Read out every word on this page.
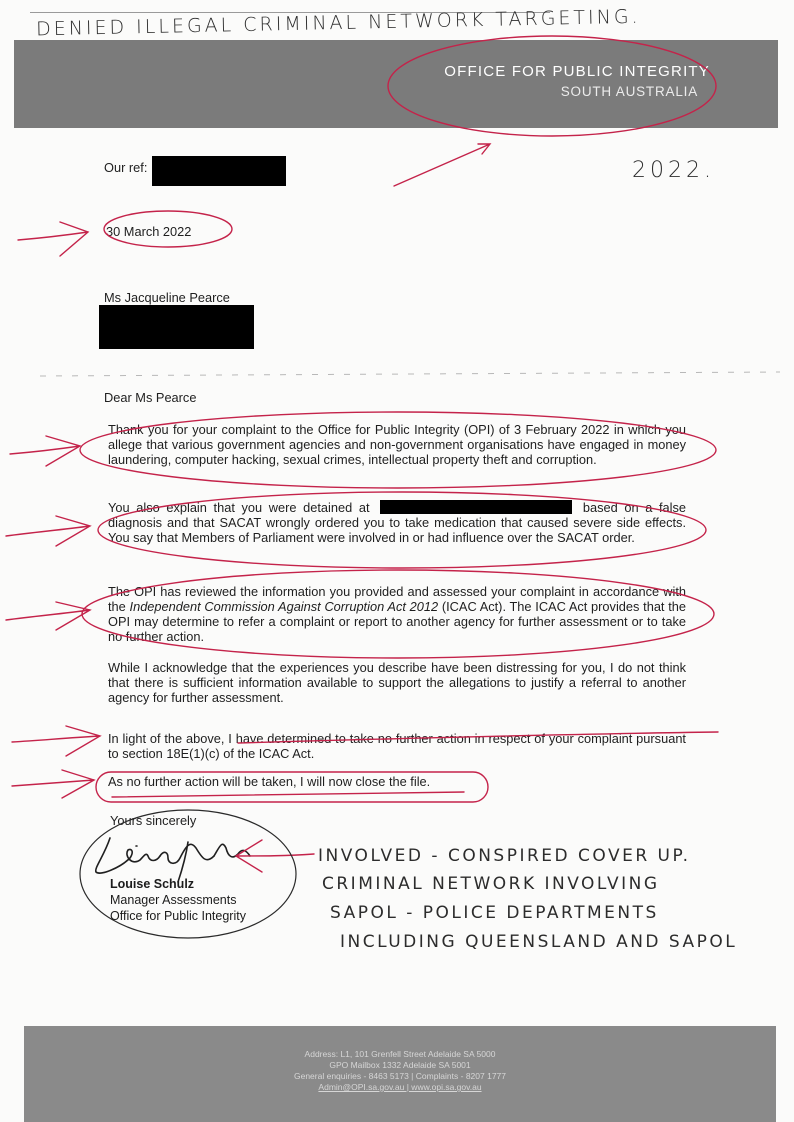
DENIED ILLEGAL CRIMINAL NETWORK TARGETING.
OFFICE FOR PUBLIC INTEGRITY
SOUTH AUSTRALIA
2022.
Our ref:
30 March 2022
Ms Jacqueline Pearce
Dear Ms Pearce
Thank you for your complaint to the Office for Public Integrity (OPI) of 3 February 2022 in which you allege that various government agencies and non-government organisations have engaged in money laundering, computer hacking, sexual crimes, intellectual property theft and corruption.
You also explain that you were detained at	based on a false diagnosis and that SACAT wrongly ordered you to take medication that caused severe side effects. You say that Members of Parliament were involved in or had influence over the SACAT order.
The OPI has reviewed the information you provided and assessed your complaint in accordance with the Independent Commission Against Corruption Act 2012 (ICAC Act). The ICAC Act provides that the OPI may determine to refer a complaint or report to another agency for further assessment or to take no further action.
While I acknowledge that the experiences you describe have been distressing for you, I do not think that there is sufficient information available to support the allegations to justify a referral to another agency for further assessment.
In light of the above, I have determined to take no further action in respect of your complaint pursuant to section 18E(1)(c) of the ICAC Act.
As no further action will be taken, I will now close the file.
Yours sincerely
Louise Schulz
Manager Assessments
Office for Public Integrity
INVOLVED - CONSPIRED COVER UP.
CRIMINAL NETWORK INVOLVING
SAPOL - POLICE DEPARTMENTS
INCLUDING QUEENSLAND AND SAPOL
Address: L1, 101 Grenfell Street Adelaide SA 5000
GPO Mailbox 1332 Adelaide SA 5001
General enquiries - 8463 5173 | Complaints - 8207 1777
Admin@OPI.sa.gov.au | www.opi.sa.gov.au
